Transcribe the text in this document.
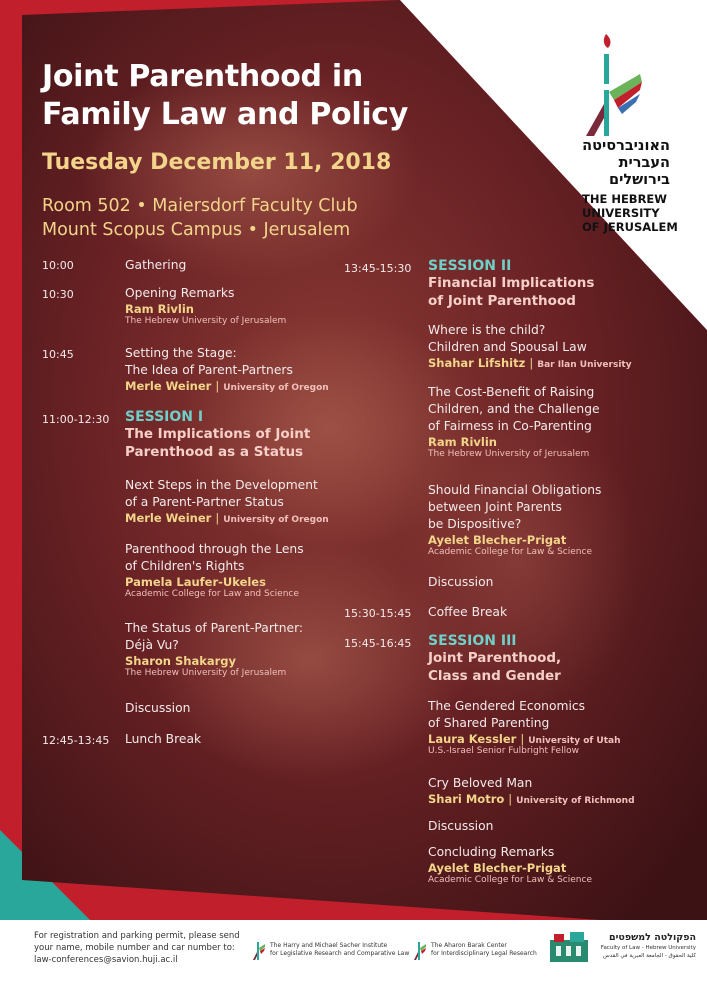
Joint Parenthood in
Family Law and Policy
Tuesday December 11, 2018
Room 502 • Maiersdorf Faculty Club
Mount Scopus Campus • Jerusalem
האוניברסיטה
העברית
בירושלים
THE HEBREW
UNIVERSITY
OF JERUSALEM
10:00	Gathering
10:30	Opening Remarks
Ram Rivlin
The Hebrew University of Jerusalem
10:45	Setting the Stage:
The Idea of Parent-Partners
Merle Weiner | University of Oregon
11:00-12:30 SESSION I
The Implications of Joint
Parenthood as a Status
Next Steps in the Development
of a Parent-Partner Status
Merle Weiner | University of Oregon
Parenthood through the Lens
of Children's Rights
Pamela Laufer-Ukeles
Academic College for Law and Science
The Status of Parent-Partner:
Déjà Vu?
Sharon Shakargy
The Hebrew University of Jerusalem
Discussion
12:45-13:45 Lunch Break
13:45-15:30 SESSION II
Financial Implications
of Joint Parenthood
Where is the child?
Children and Spousal Law
Shahar Lifshitz | Bar Ilan University
The Cost-Benefit of Raising
Children, and the Challenge
of Fairness in Co-Parenting
Ram Rivlin
The Hebrew University of Jerusalem
Should Financial Obligations
between Joint Parents
be Dispositive?
Ayelet Blecher-Prigat
Academic College for Law & Science
Discussion
15:30-15:45 Coffee Break
15:45-16:45 SESSION III
Joint Parenthood,
Class and Gender
The Gendered Economics
of Shared Parenting
Laura Kessler | University of Utah
U.S.-Israel Senior Fulbright Fellow
Cry Beloved Man
Shari Motro | University of Richmond
Discussion
Concluding Remarks
Ayelet Blecher-Prigat
Academic College for Law & Science
For registration and parking permit, please send
your name, mobile number and car number to:
law-conferences@savion.huji.ac.il
The Harry and Michael Sacher Institute
for Legislative Research and Comparative Law
The Aharon Barak Center
for Interdisciplinary Legal Research
הפקולטה למשפטים
Faculty of Law - Hebrew University
كلية الحقوق - الجامعة العبرية في القدس
